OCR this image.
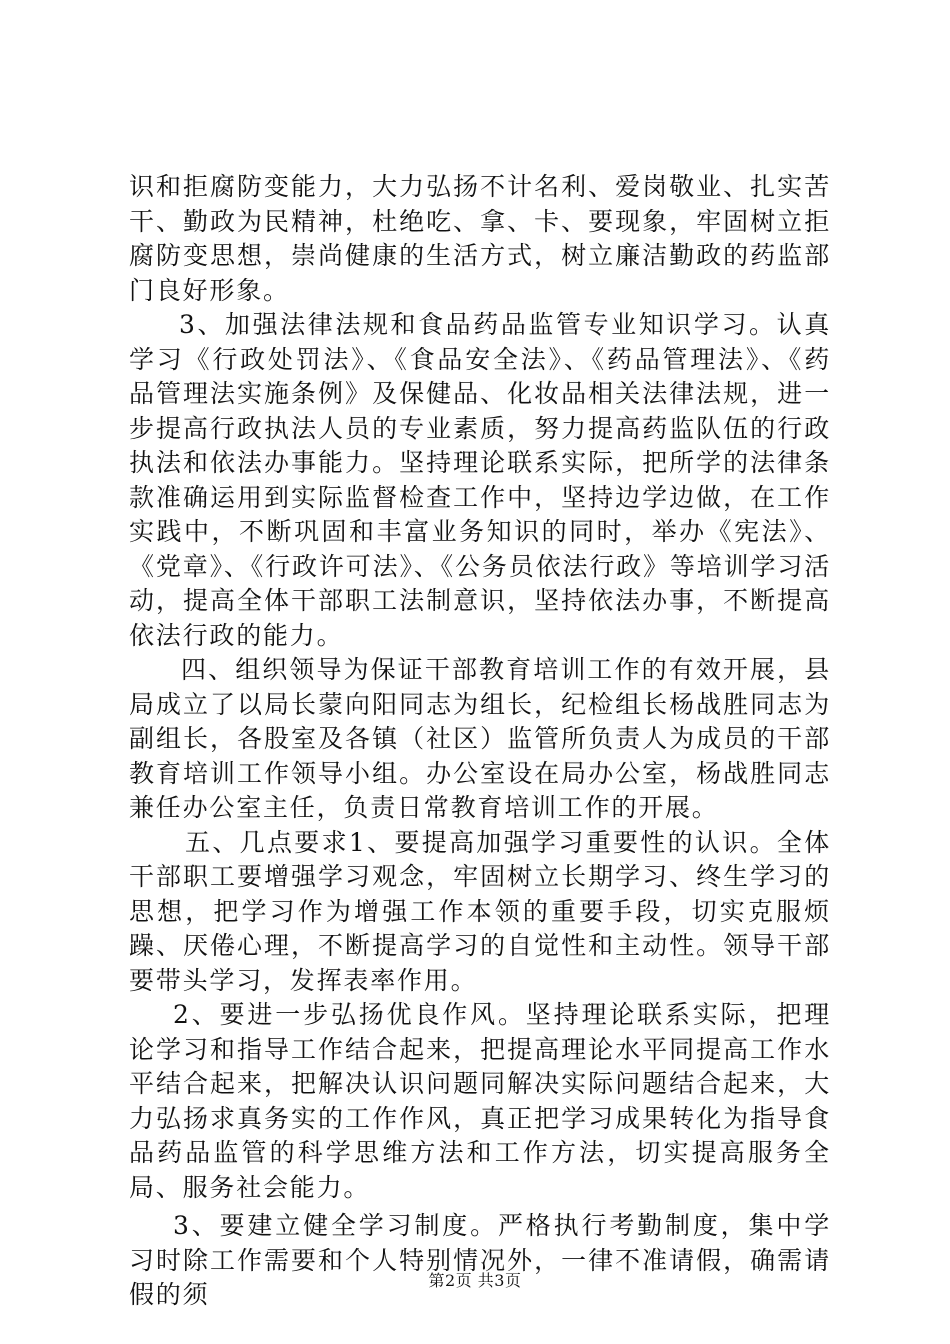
识和拒腐防变能力，大力弘扬不计名利、爱岗敬业、扎实苦干、勤政为民精神，杜绝吃、拿、卡、要现象，牢固树立拒腐防变思想，崇尚健康的生活方式，树立廉洁勤政的药监部门良好形象。

3、加强法律法规和食品药品监管专业知识学习。认真学习《行政处罚法》、《食品安全法》、《药品管理法》、《药品管理法实施条例》及保健品、化妆品相关法律法规，进一步提高行政执法人员的专业素质，努力提高药监队伍的行政执法和依法办事能力。坚持理论联系实际，把所学的法律条款准确运用到实际监督检查工作中，坚持边学边做，在工作实践中，不断巩固和丰富业务知识的同时，举办《宪法》、《党章》、《行政许可法》、《公务员依法行政》等培训学习活动，提高全体干部职工法制意识，坚持依法办事，不断提高依法行政的能力。

四、组织领导为保证干部教育培训工作的有效开展，县局成立了以局长蒙向阳同志为组长，纪检组长杨战胜同志为副组长，各股室及各镇（社区）监管所负责人为成员的干部教育培训工作领导小组。办公室设在局办公室，杨战胜同志兼任办公室主任，负责日常教育培训工作的开展。

五、几点要求1、要提高加强学习重要性的认识。全体干部职工要增强学习观念，牢固树立长期学习、终生学习的思想，把学习作为增强工作本领的重要手段，切实克服烦躁、厌倦心理，不断提高学习的自觉性和主动性。领导干部要带头学习，发挥表率作用。

2、要进一步弘扬优良作风。坚持理论联系实际，把理论学习和指导工作结合起来，把提高理论水平同提高工作水平结合起来，把解决认识问题同解决实际问题结合起来，大力弘扬求真务实的工作作风，真正把学习成果转化为指导食品药品监管的科学思维方法和工作方法，切实提高服务全局、服务社会能力。

3、要建立健全学习制度。严格执行考勤制度，集中学习时除工作需要和个人特别情况外，一律不准请假，确需请假的须	第2页 共3页
